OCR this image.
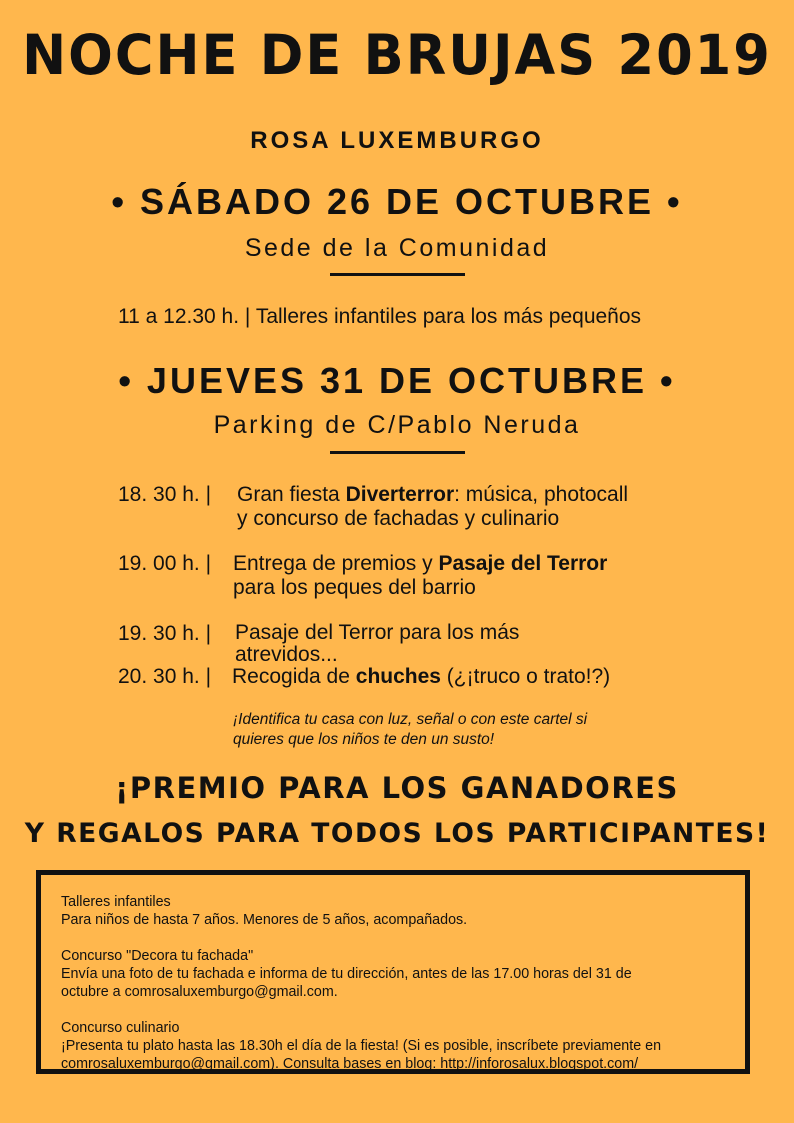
NOCHE DE BRUJAS 2019
ROSA LUXEMBURGO
• SÁBADO 26 DE OCTUBRE •
Sede de la Comunidad
11 a 12.30 h. | Talleres infantiles para los más pequeños
• JUEVES 31 DE OCTUBRE •
Parking de C/Pablo Neruda
18. 30 h. | Gran fiesta Diverterror: música, photocall
y concurso de fachadas y culinario
19. 00 h. | Entrega de premios y Pasaje del Terror
para los peques del barrio
19. 30 h. | Pasaje del Terror para los más
atrevidos...
20. 30 h. | Recogida de chuches (¿¡truco o trato!?)
¡Identifica tu casa con luz, señal o con este cartel si
quieres que los niños te den un susto!
¡PREMIO PARA LOS GANADORES
Y REGALOS PARA TODOS LOS PARTICIPANTES!

Talleres infantiles
Para niños de hasta 7 años. Menores de 5 años, acompañados.

Concurso "Decora tu fachada"
Envía una foto de tu fachada e informa de tu dirección, antes de las 17.00 horas del 31 de
octubre a comrosaluxemburgo@gmail.com.

Concurso culinario
¡Presenta tu plato hasta las 18.30h el día de la fiesta! (Si es posible, inscríbete previamente en
comrosaluxemburgo@gmail.com). Consulta bases en blog: http://inforosalux.blogspot.com/
